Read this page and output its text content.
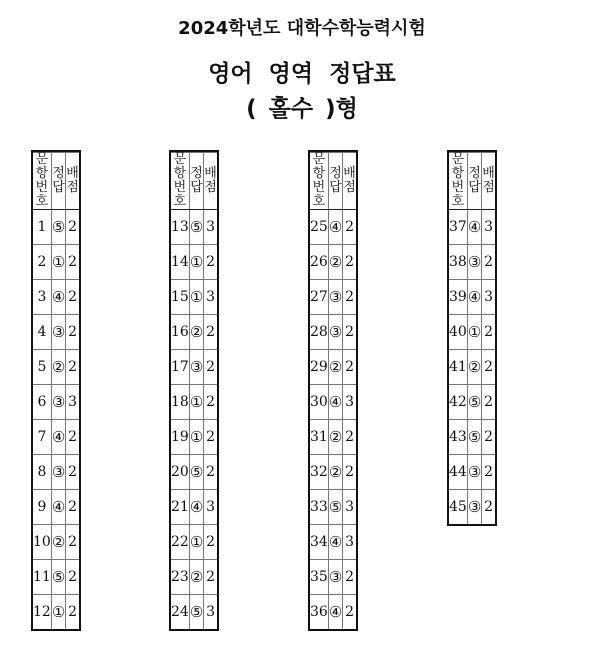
2024학년도 대학수학능력시험
영어 영역 정답표
( 홀수 )형
문항
번호	정답	배점
1	⑤	2
2	①	2
3	④	2
4	③	2
5	②	2
6	③	3
7	④	2
8	③	2
9	④	2
10	②	2
11	⑤	2
12	①	2
문항
번호	정답	배점
13	⑤	3
14	①	2
15	①	3
16	②	2
17	③	2
18	①	2
19	①	2
20	⑤	2
21	④	3
22	①	2
23	②	2
24	⑤	3
문항
번호	정답	배점
25	④	2
26	②	2
27	③	2
28	③	2
29	②	2
30	④	3
31	②	2
32	②	2
33	⑤	3
34	④	3
35	③	2
36	④	2
문항
번호	정답	배점
37	④	3
38	③	2
39	④	3
40	①	2
41	②	2
42	⑤	2
43	⑤	2
44	③	2
45	③	2
